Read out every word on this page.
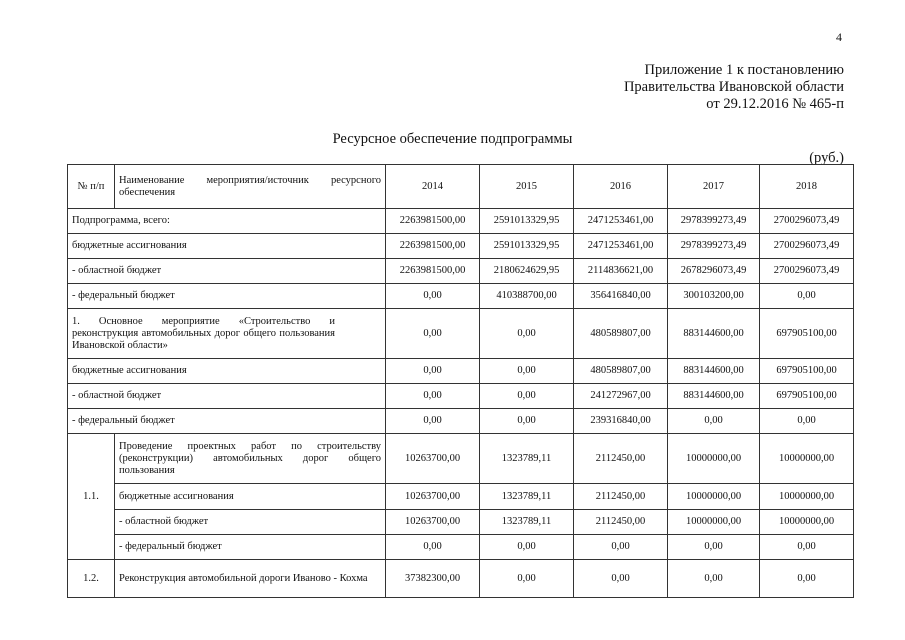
4
Приложение 1 к постановлению
Правительства Ивановской области
от 29.12.2016 № 465-п
Ресурсное обеспечение подпрограммы
(руб.)
№ п/п	Наименование мероприятия/источник ресурсного обеспечения	2014	2015	2016	2017	2018
Подпрограмма, всего:		2263981500,00	2591013329,95	2471253461,00	2978399273,49	2700296073,49
бюджетные ассигнования		2263981500,00	2591013329,95	2471253461,00	2978399273,49	2700296073,49
- областной бюджет		2263981500,00	2180624629,95	2114836621,00	2678296073,49	2700296073,49
- федеральный бюджет		0,00	410388700,00	356416840,00	300103200,00	0,00
1. Основное мероприятие «Строительство и реконструкция автомобильных дорог общего пользования Ивановской области»		0,00	0,00	480589807,00	883144600,00	697905100,00
бюджетные ассигнования		0,00	0,00	480589807,00	883144600,00	697905100,00
- областной бюджет		0,00	0,00	241272967,00	883144600,00	697905100,00
- федеральный бюджет		0,00	0,00	239316840,00	0,00	0,00
1.1.	Проведение проектных работ по строительству (реконструкции) автомобильных дорог общего пользования	10263700,00	1323789,11	2112450,00	10000000,00	10000000,00
	бюджетные ассигнования	10263700,00	1323789,11	2112450,00	10000000,00	10000000,00
	- областной бюджет	10263700,00	1323789,11	2112450,00	10000000,00	10000000,00
	- федеральный бюджет	0,00	0,00	0,00	0,00	0,00
1.2.	Реконструкция автомобильной дороги Иваново - Кохма	37382300,00	0,00	0,00	0,00	0,00
